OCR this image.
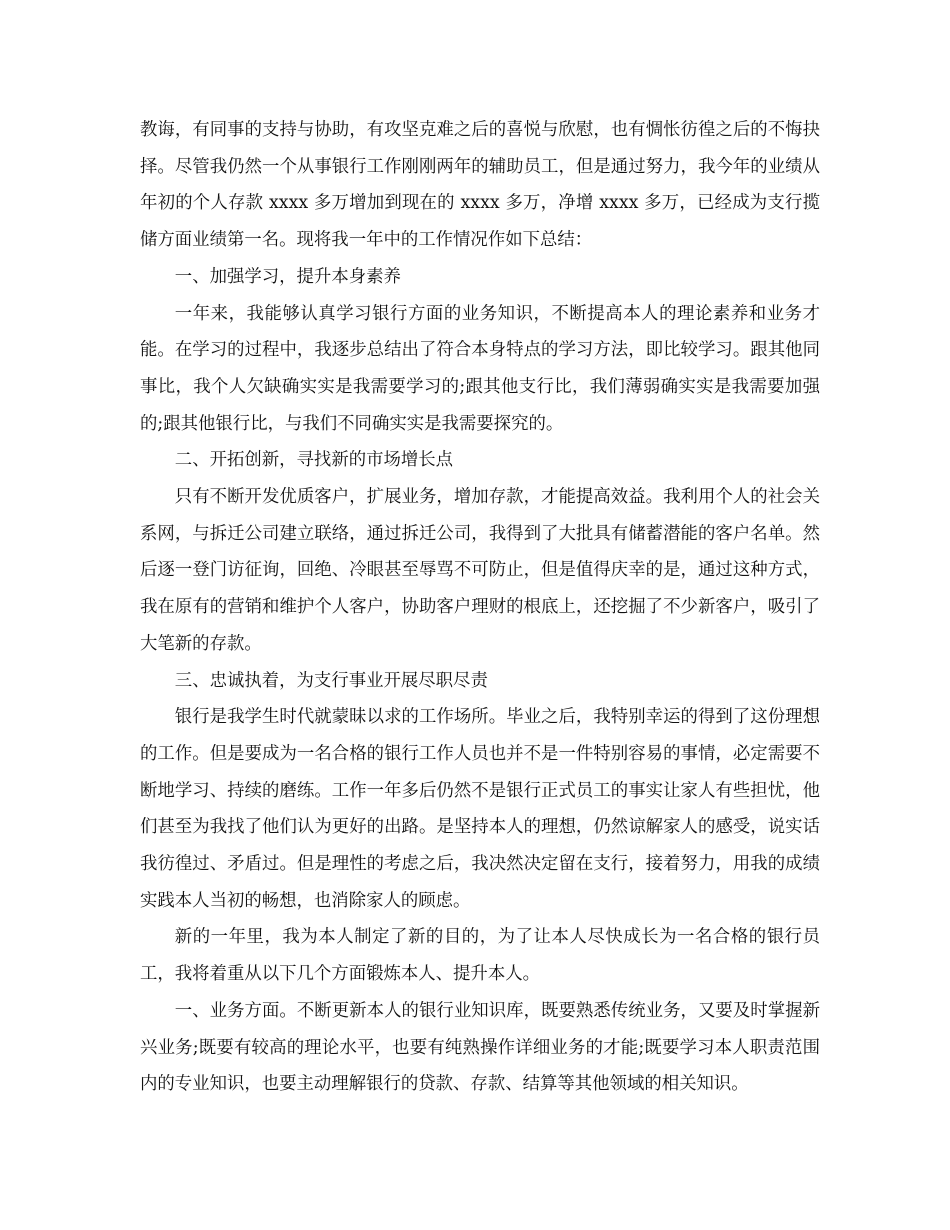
教诲，有同事的支持与协助，有攻坚克难之后的喜悦与欣慰，也有惆怅彷徨之后的不悔抉择。尽管我仍然一个从事银行工作刚刚两年的辅助员工，但是通过努力，我今年的业绩从年初的个人存款 xxxx 多万增加到现在的 xxxx 多万，净增 xxxx 多万，已经成为支行揽储方面业绩第一名。现将我一年中的工作情况作如下总结：

一、加强学习，提升本身素养

一年来，我能够认真学习银行方面的业务知识，不断提高本人的理论素养和业务才能。在学习的过程中，我逐步总结出了符合本身特点的学习方法，即比较学习。跟其他同事比，我个人欠缺确实实是我需要学习的;跟其他支行比，我们薄弱确实实是我需要加强的;跟其他银行比，与我们不同确实实是我需要探究的。

二、开拓创新，寻找新的市场增长点

只有不断开发优质客户，扩展业务，增加存款，才能提高效益。我利用个人的社会关系网，与拆迁公司建立联络，通过拆迁公司，我得到了大批具有储蓄潜能的客户名单。然后逐一登门访征询，回绝、冷眼甚至辱骂不可防止，但是值得庆幸的是，通过这种方式，我在原有的营销和维护个人客户，协助客户理财的根底上，还挖掘了不少新客户，吸引了大笔新的存款。

三、忠诚执着，为支行事业开展尽职尽责

银行是我学生时代就蒙昧以求的工作场所。毕业之后，我特别幸运的得到了这份理想的工作。但是要成为一名合格的银行工作人员也并不是一件特别容易的事情，必定需要不断地学习、持续的磨练。工作一年多后仍然不是银行正式员工的事实让家人有些担忧，他们甚至为我找了他们认为更好的出路。是坚持本人的理想，仍然谅解家人的感受，说实话我彷徨过、矛盾过。但是理性的考虑之后，我决然决定留在支行，接着努力，用我的成绩实践本人当初的畅想，也消除家人的顾虑。

新的一年里，我为本人制定了新的目的，为了让本人尽快成长为一名合格的银行员工，我将着重从以下几个方面锻炼本人、提升本人。

一、业务方面。不断更新本人的银行业知识库，既要熟悉传统业务，又要及时掌握新兴业务;既要有较高的理论水平，也要有纯熟操作详细业务的才能;既要学习本人职责范围内的专业知识，也要主动理解银行的贷款、存款、结算等其他领域的相关知识。
